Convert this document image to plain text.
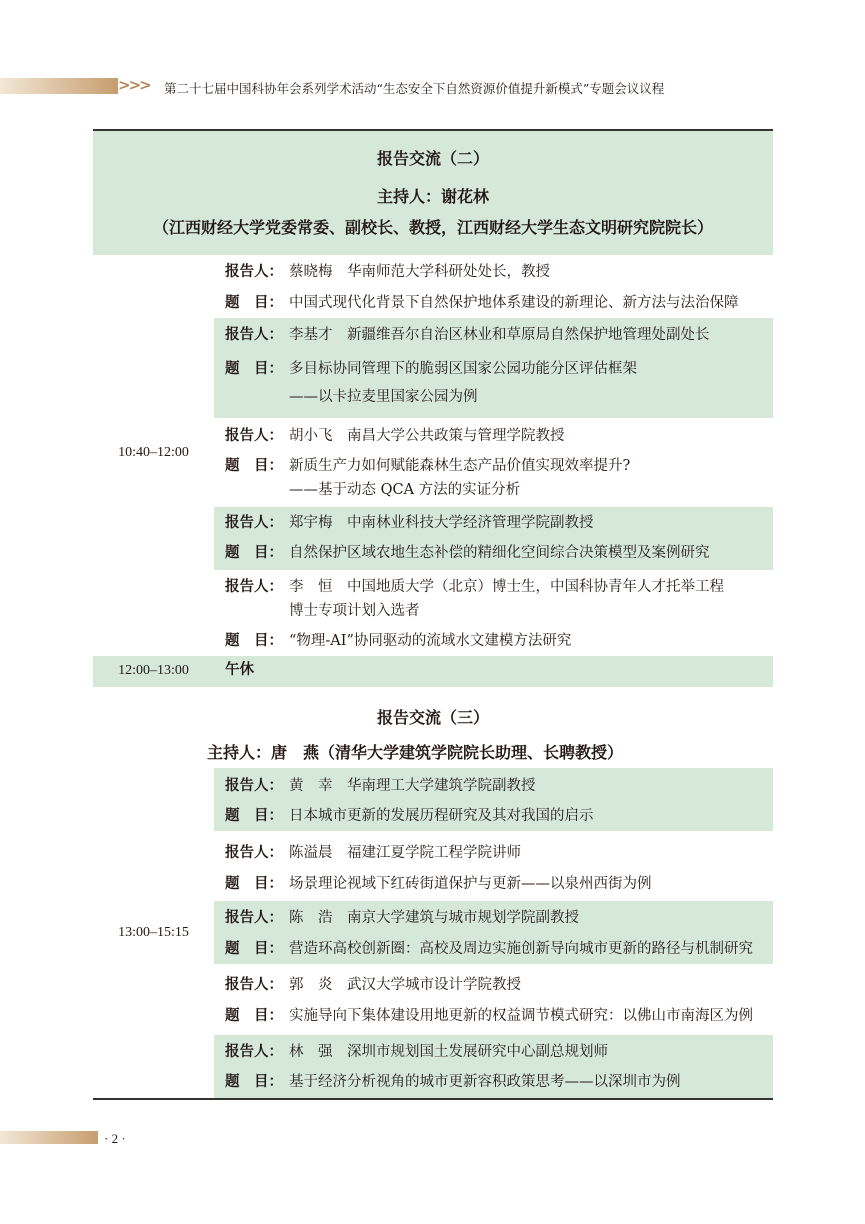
>>> 第二十七届中国科协年会系列学术活动“生态安全下自然资源价值提升新模式”专题会议议程
报告交流（二）
主持人：谢花林
（江西财经大学党委常委、副校长、教授，江西财经大学生态文明研究院院长）
10:40–12:00
报告人： 蔡晓梅　华南师范大学科研处处长，教授
题　目： 中国式现代化背景下自然保护地体系建设的新理论、新方法与法治保障
报告人： 李基才　新疆维吾尔自治区林业和草原局自然保护地管理处副处长
题　目： 多目标协同管理下的脆弱区国家公园功能分区评估框架
——以卡拉麦里国家公园为例
报告人： 胡小飞　南昌大学公共政策与管理学院教授
题　目： 新质生产力如何赋能森林生态产品价值实现效率提升?
——基于动态 QCA 方法的实证分析
报告人： 郑宇梅　中南林业科技大学经济管理学院副教授
题　目： 自然保护区域农地生态补偿的精细化空间综合决策模型及案例研究
报告人： 李　恒　中国地质大学（北京）博士生，中国科协青年人才托举工程
博士专项计划入选者
题　目： “物理-AI”协同驱动的流域水文建模方法研究
12:00–13:00	午休
报告交流（三）
主持人：唐　燕（清华大学建筑学院院长助理、长聘教授）
13:00–15:15
报告人： 黄　幸　华南理工大学建筑学院副教授
题　目： 日本城市更新的发展历程研究及其对我国的启示
报告人： 陈溢晨　福建江夏学院工程学院讲师
题　目： 场景理论视域下红砖街道保护与更新——以泉州西街为例
报告人： 陈　浩　南京大学建筑与城市规划学院副教授
题　目： 营造环高校创新圈：高校及周边实施创新导向城市更新的路径与机制研究
报告人： 郭　炎　武汉大学城市设计学院教授
题　目： 实施导向下集体建设用地更新的权益调节模式研究：以佛山市南海区为例
报告人： 林　强　深圳市规划国土发展研究中心副总规划师
题　目： 基于经济分析视角的城市更新容积政策思考——以深圳市为例
· 2 ·
